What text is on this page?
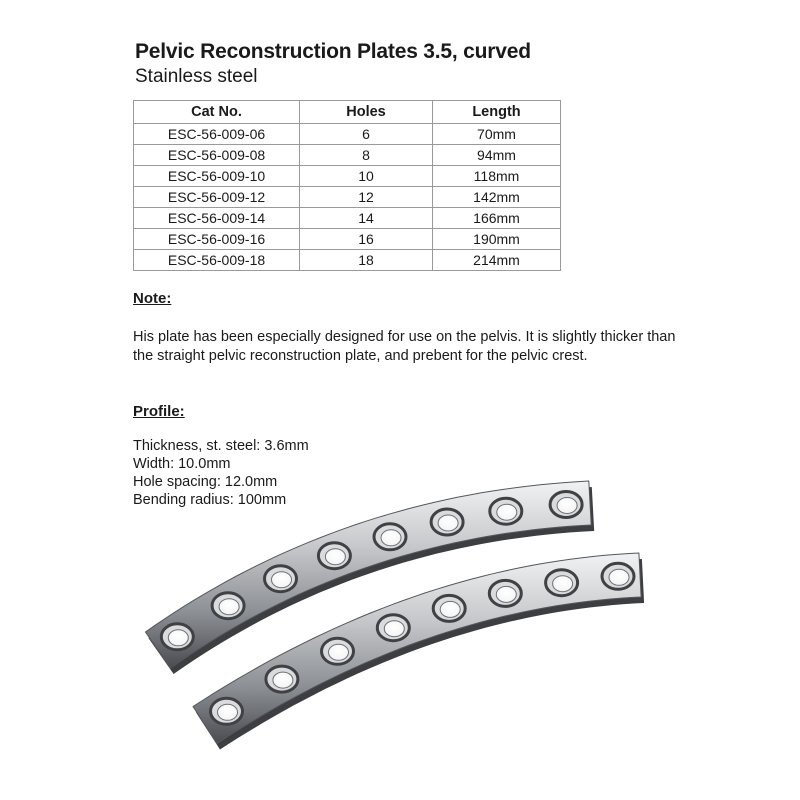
Pelvic Reconstruction Plates 3.5, curved
Stainless steel
Cat No.	Holes	Length
ESC-56-009-06	6	70mm
ESC-56-009-08	8	94mm
ESC-56-009-10	10	118mm
ESC-56-009-12	12	142mm
ESC-56-009-14	14	166mm
ESC-56-009-16	16	190mm
ESC-56-009-18	18	214mm
Note:

His plate has been especially designed for use on the pelvis. It is slightly thicker than the straight pelvic reconstruction plate, and prebent for the pelvic crest.

Profile:
Thickness, st. steel: 3.6mm
Width: 10.0mm
Hole spacing: 12.0mm
Bending radius: 100mm
